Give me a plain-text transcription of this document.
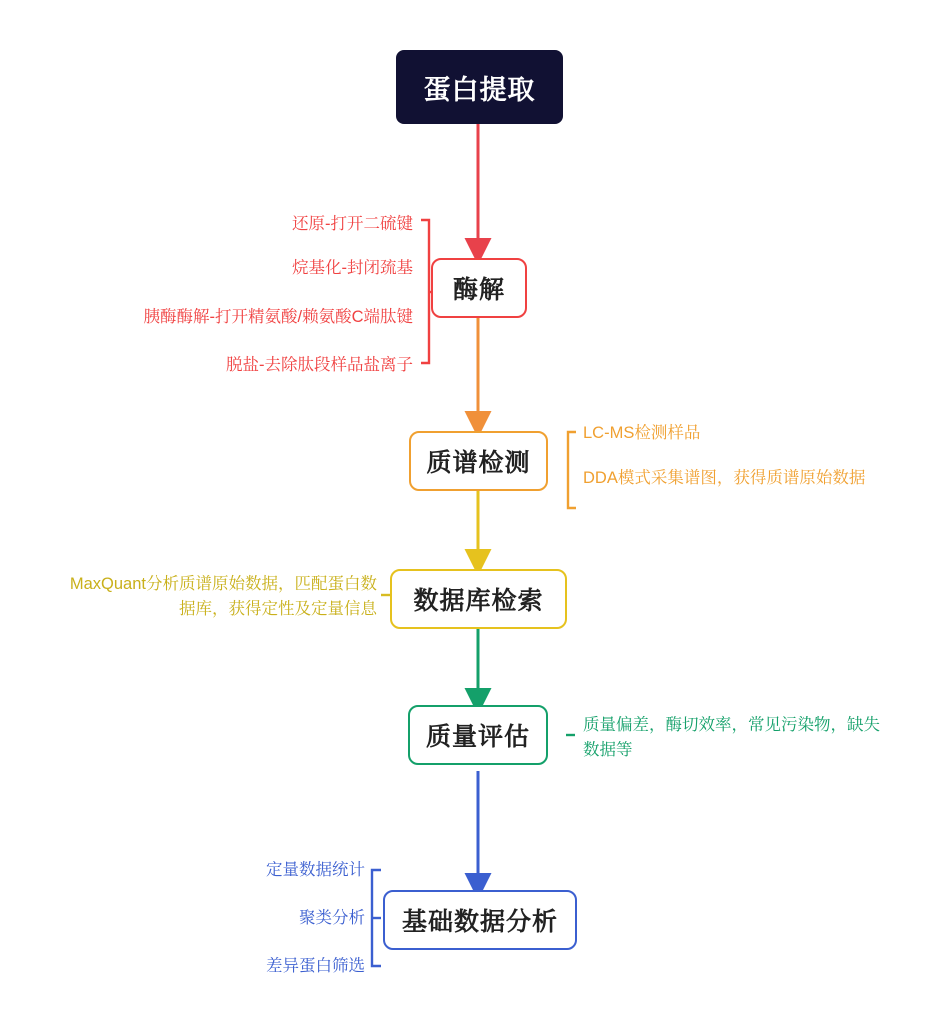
蛋白提取
酶解
质谱检测
数据库检索
质量评估
基础数据分析
还原-打开二硫键
烷基化-封闭巯基
胰酶酶解-打开精氨酸/赖氨酸C端肽键
脱盐-去除肽段样品盐离子
LC-MS检测样品
DDA模式采集谱图，获得质谱原始数据
MaxQuant分析质谱原始数据，匹配蛋白数据库，获得定性及定量信息
质量偏差，酶切效率，常见污染物，缺失数据等
定量数据统计
聚类分析
差异蛋白筛选
